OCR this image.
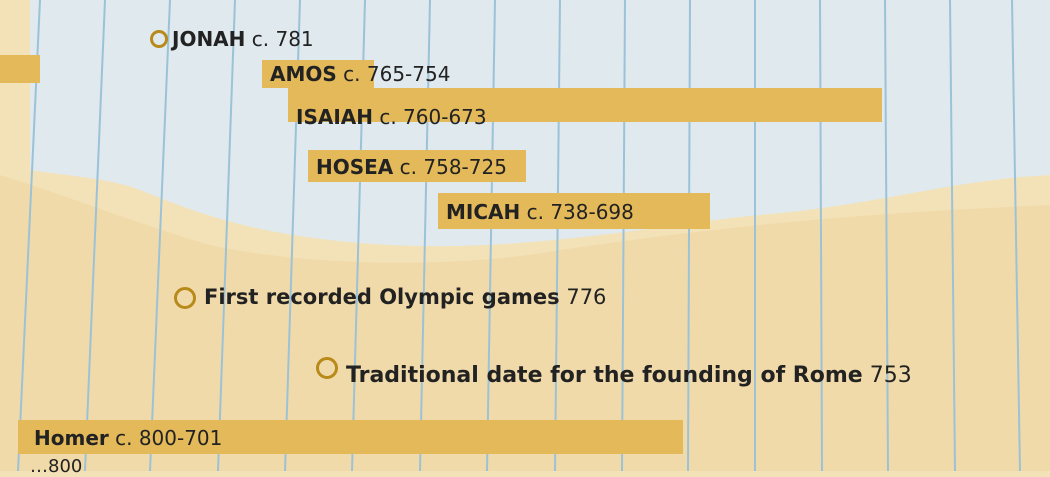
JONAH c. 781
AMOS c. 765-754
ISAIAH c. 760-673
HOSEA c. 758-725
MICAH c. 738-698
First recorded Olympic games 776
Traditional date for the founding of Rome 753
Homer c. 800-701
…800
